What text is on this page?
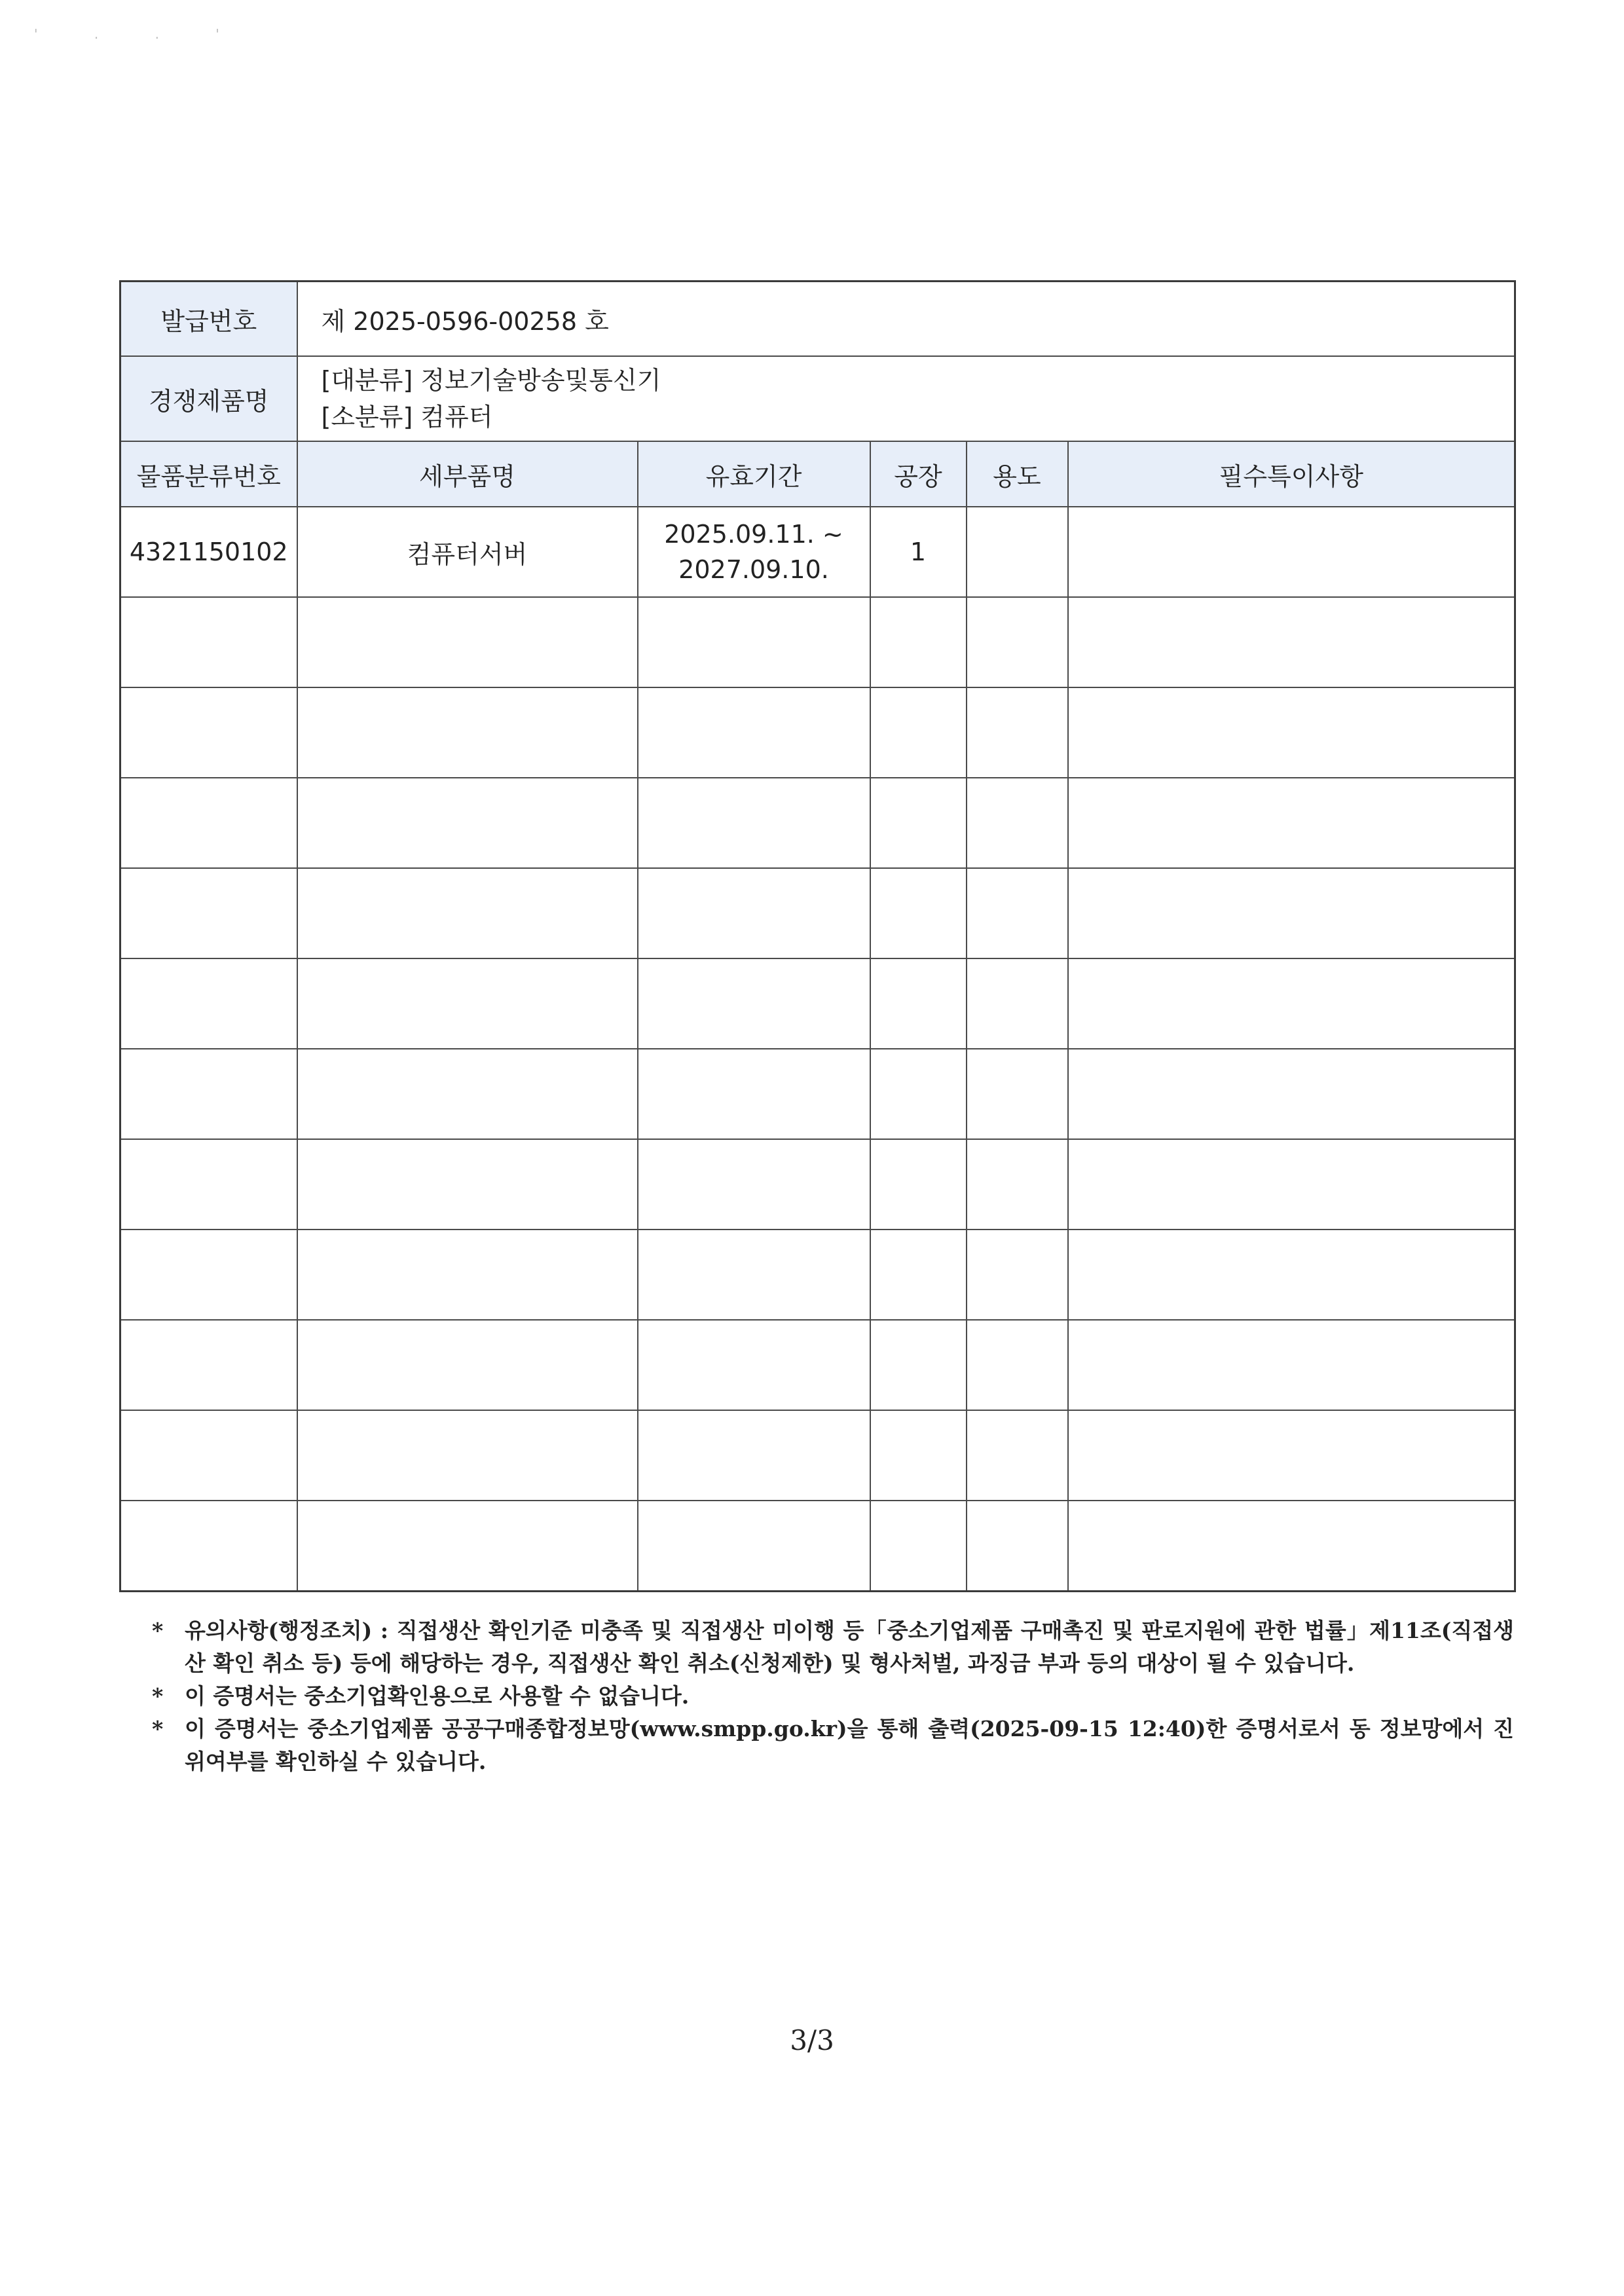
' . . '
발급번호	제 2025-0596-00258 호				
경쟁제품명	[대분류] 정보기술방송및통신기
[소분류] 컴퓨터				

물품분류번호	세부품명	유효기간	공장	용도	필수특이사항
4321150102	컴퓨터서버	2025.09.11. ~
2027.09.10.	1		

* 유의사항(행정조치) : 직접생산 확인기준 미충족 및 직접생산 미이행 등「중소기업제품 구매촉진 및 판로지원에 관한 법률」제11조(직접생산 확인 취소 등) 등에 해당하는 경우, 직접생산 확인 취소(신청제한) 및 형사처벌, 과징금 부과 등의 대상이 될 수 있습니다.
* 이 증명서는 중소기업확인용으로 사용할 수 없습니다.
* 이 증명서는 중소기업제품 공공구매종합정보망(www.smpp.go.kr)을 통해 출력(2025-09-15 12:40)한 증명서로서 동 정보망에서 진위여부를 확인하실 수 있습니다.
3/3
